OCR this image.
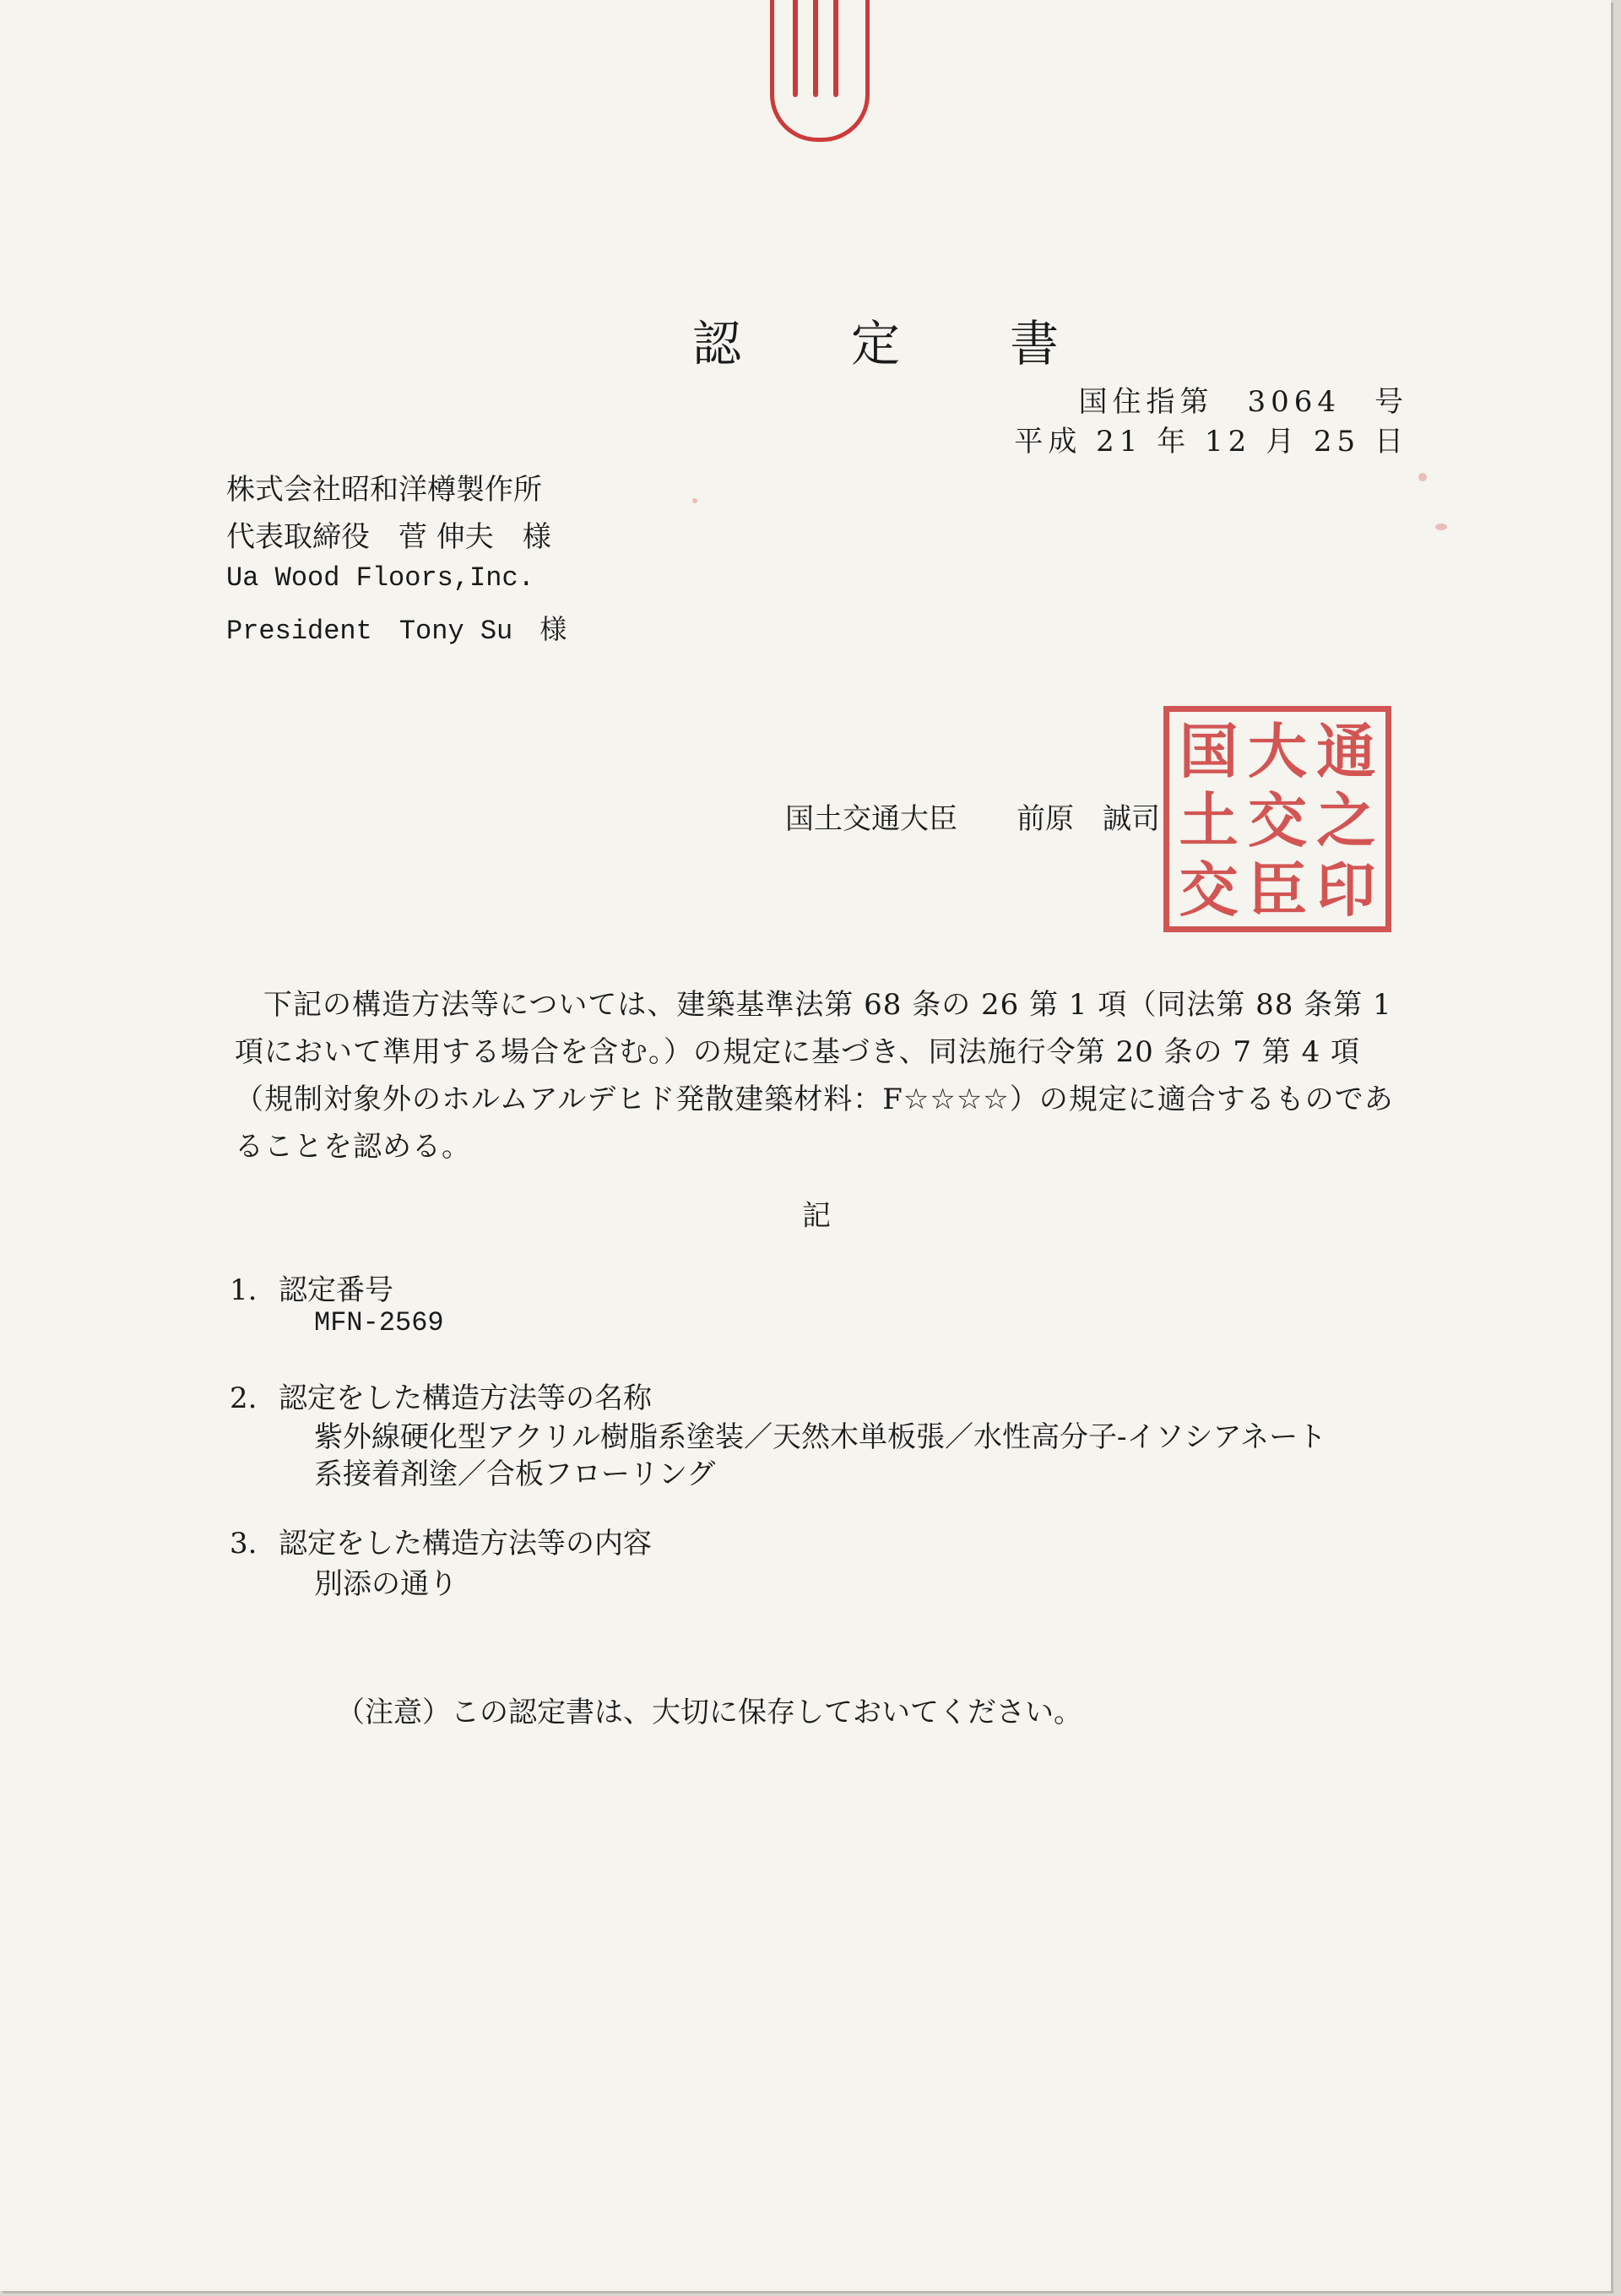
認　定　書
国住指第　3064　号
平成 21 年 12 月 25 日
株式会社昭和洋樽製作所
代表取締役　菅 伸夫　様
Ua Wood Floors,Inc.
President　Tony Su　様
国土交通大臣 前原　誠司
国 大 通
土 交 之
交 臣 印
下記の構造方法等については、建築基準法第 68 条の 26 第 1 項（同法第 88 条第 1 項において準用する場合を含む。）の規定に基づき、同法施行令第 20 条の 7 第 4 項（規制対象外のホルムアルデヒド発散建築材料：F☆☆☆☆）の規定に適合するものであることを認める。
記
1. 認定番号
MFN-2569
2. 認定をした構造方法等の名称
紫外線硬化型アクリル樹脂系塗装／天然木単板張／水性高分子-イソシアネート
系接着剤塗／合板フローリング
3. 認定をした構造方法等の内容
別添の通り
（注意）この認定書は、大切に保存しておいてください。
